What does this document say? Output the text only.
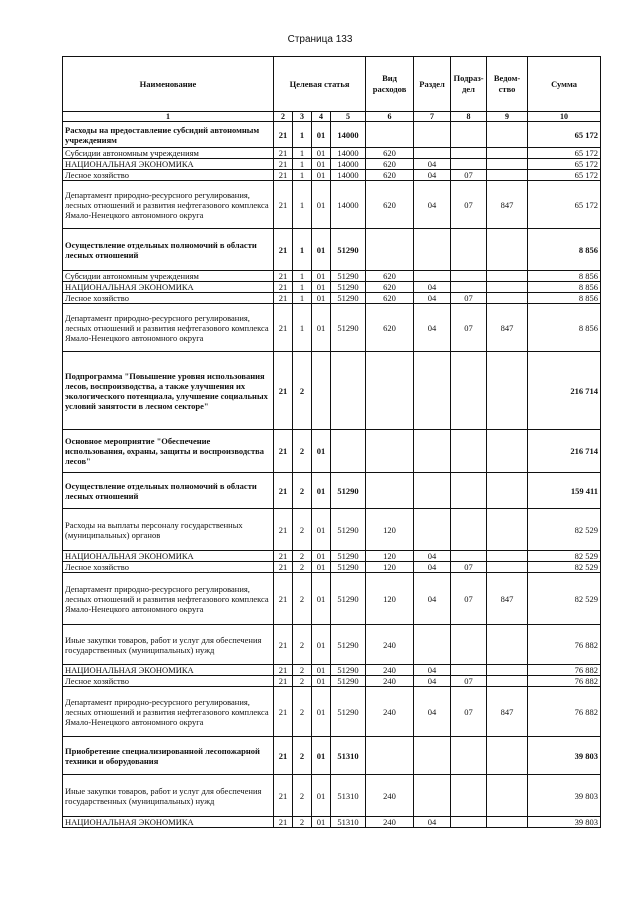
Страница 133
Наименование	Целевая статья				Вид расходов	Раздел	Подраз-дел	Ведом-ство	Сумма
1	2	3	4	5	6	7	8	9	10
Расходы на предоставление субсидий автономным учреждениям	21	1	01	14000					65 172
Субсидии автономным учреждениям	21	1	01	14000	620				65 172
НАЦИОНАЛЬНАЯ ЭКОНОМИКА	21	1	01	14000	620	04			65 172
Лесное хозяйство	21	1	01	14000	620	04	07		65 172
Департамент природно-ресурсного регулирования, лесных отношений и развития нефтегазового комплекса Ямало-Ненецкого автономного округа	21	1	01	14000	620	04	07	847	65 172
Осуществление отдельных полномочий в области лесных отношений	21	1	01	51290					8 856
Субсидии автономным учреждениям	21	1	01	51290	620				8 856
НАЦИОНАЛЬНАЯ ЭКОНОМИКА	21	1	01	51290	620	04			8 856
Лесное хозяйство	21	1	01	51290	620	04	07		8 856
Департамент природно-ресурсного регулирования, лесных отношений и развития нефтегазового комплекса Ямало-Ненецкого автономного округа	21	1	01	51290	620	04	07	847	8 856
Подпрограмма "Повышение уровня использования лесов, воспроизводства, а также улучшения их экологического потенциала, улучшение социальных условий занятости в лесном секторе"	21	2							216 714
Основное мероприятие "Обеспечение использования, охраны, защиты и воспроизводства лесов"	21	2	01						216 714
Осуществление отдельных полномочий в области лесных отношений	21	2	01	51290					159 411
Расходы на выплаты персоналу государственных (муниципальных) органов	21	2	01	51290	120				82 529
НАЦИОНАЛЬНАЯ ЭКОНОМИКА	21	2	01	51290	120	04			82 529
Лесное хозяйство	21	2	01	51290	120	04	07		82 529
Департамент природно-ресурсного регулирования, лесных отношений и развития нефтегазового комплекса Ямало-Ненецкого автономного округа	21	2	01	51290	120	04	07	847	82 529
Иные закупки товаров, работ и услуг для обеспечения государственных (муниципальных) нужд	21	2	01	51290	240				76 882
НАЦИОНАЛЬНАЯ ЭКОНОМИКА	21	2	01	51290	240	04			76 882
Лесное хозяйство	21	2	01	51290	240	04	07		76 882
Департамент природно-ресурсного регулирования, лесных отношений и развития нефтегазового комплекса Ямало-Ненецкого автономного округа	21	2	01	51290	240	04	07	847	76 882
Приобретение специализированной лесопожарной техники и оборудования	21	2	01	51310					39 803
Иные закупки товаров, работ и услуг для обеспечения государственных (муниципальных) нужд	21	2	01	51310	240				39 803
НАЦИОНАЛЬНАЯ ЭКОНОМИКА	21	2	01	51310	240	04			39 803
